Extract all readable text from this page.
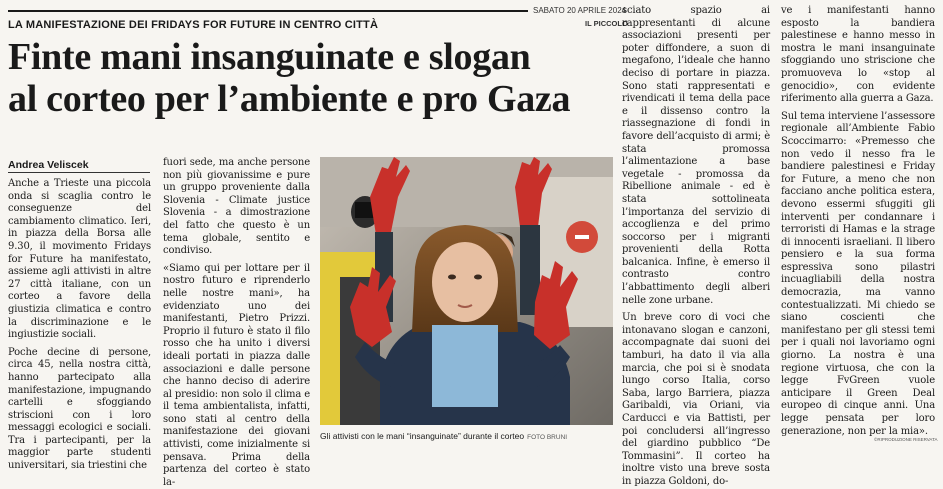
SABATO 20 APRILE 2024
IL PICCOLO
LA MANIFESTAZIONE DEI FRIDAYS FOR FUTURE IN CENTRO CITTÀ
Finte mani insanguinate e slogan
al corteo per l’ambiente e pro Gaza
Andrea Veliscek

Anche a Trieste una piccola onda si scaglia contro le conseguenze del cambiamento climatico. Ieri, in piazza della Borsa alle 9.30, il movimento Fridays for Future ha manifestato, assieme agli attivisti in altre 27 città italiane, con un corteo a favore della giustizia climatica e contro la discriminazione e le ingiustizie sociali.

Poche decine di persone, circa 45, nella nostra città, hanno partecipato alla manifestazione, impugnando cartelli e sfoggiando striscioni con i loro messaggi ecologici e sociali. Tra i partecipanti, per la maggior parte studenti universitari, sia triestini che

fuori sede, ma anche persone non più giovanissime e pure un gruppo proveniente dalla Slovenia - Climate justice Slovenia - a dimostrazione del fatto che questo è un tema globale, sentito e condiviso.

«Siamo qui per lottare per il nostro futuro e riprenderlo nelle nostre mani», ha evidenziato uno dei manifestanti, Pietro Prizzi. Proprio il futuro è stato il filo rosso che ha unito i diversi ideali portati in piazza dalle associazioni e dalle persone che hanno deciso di aderire al presidio: non solo il clima e il tema ambientalista, infatti, sono stati al centro della manifestazione dei giovani attivisti, come inizialmente si pensava. Prima della partenza del corteo è stato la-

Gli attivisti con le mani “insanguinate” durante il corteo FOTO BRUNI

sciato spazio ai rappresentanti di alcune associazioni presenti per poter diffondere, a suon di megafono, l’ideale che hanno deciso di portare in piazza. Sono stati rappresentati e rivendicati il tema della pace e il dissenso contro la riassegnazione di fondi in favore dell’acquisto di armi; è stata promossa l’alimentazione a base vegetale - promossa da Ribellione animale - ed è stata sottolineata l’importanza del servizio di accoglienza e del primo soccorso per i migranti provenienti della Rotta balcanica. Infine, è emerso il contrasto contro l’abbattimento degli alberi nelle zone urbane.

Un breve coro di voci che intonavano slogan e canzoni, accompagnate dai suoni dei tamburi, ha dato il via alla marcia, che poi si è snodata lungo corso Italia, corso Saba, largo Barriera, piazza Garibaldi, via Oriani, via Carducci e via Battisti, per poi concludersi all’ingresso del giardino pubblico “De Tommasini”. Il corteo ha inoltre visto una breve sosta in piazza Goldoni, do-

ve i manifestanti hanno esposto la bandiera palestinese e hanno messo in mostra le mani insanguinate sfoggiando uno striscione che promuoveva lo «stop al genocidio», con evidente riferimento alla guerra a Gaza.

Sul tema interviene l’assessore regionale all’Ambiente Fabio Scoccimarro: «Premesso che non vedo il nesso fra le bandiere palestinesi e Friday for Future, a meno che non facciano anche politica estera, devono essermi sfuggiti gli interventi per condannare i terroristi di Hamas e la strage di innocenti israeliani. Il libero pensiero e la sua forma espressiva sono pilastri incuagliabili della nostra democrazia, ma vanno contestualizzati. Mi chiedo se siano coscienti che manifestano per gli stessi temi per i quali noi lavoriamo ogni giorno. La nostra è una regione virtuosa, che con la legge FvGreen vuole anticipare il Green Deal europeo di cinque anni. Una legge pensata per loro generazione, non per la mia».

©RIPRODUZIONE RISERVATA
